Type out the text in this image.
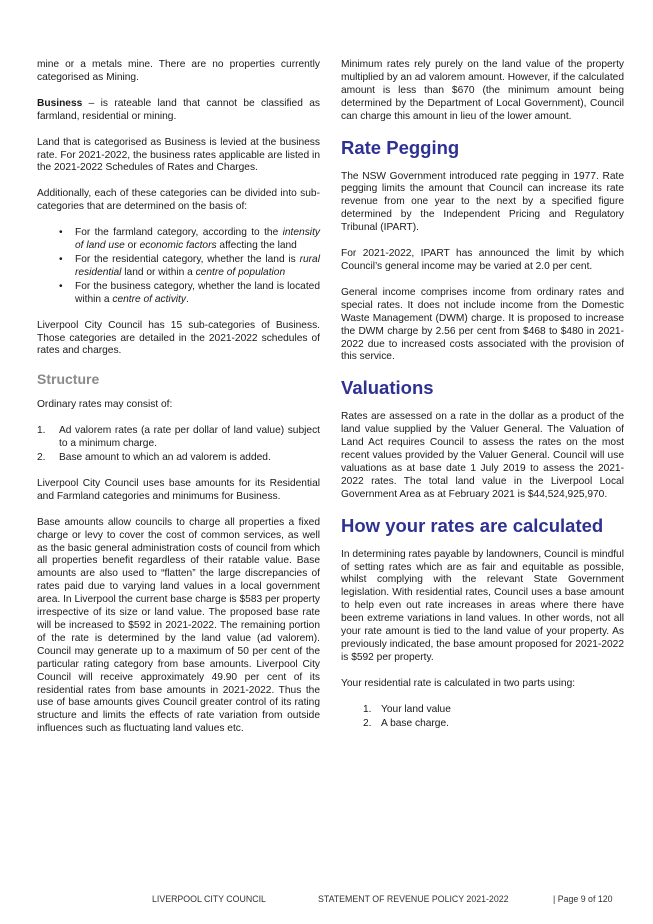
mine or a metals mine. There are no properties currently categorised as Mining.

Business – is rateable land that cannot be classified as farmland, residential or mining.

Land that is categorised as Business is levied at the business rate. For 2021-2022, the business rates applicable are listed in the 2021-2022 Schedules of Rates and Charges.

Additionally, each of these categories can be divided into sub-categories that are determined on the basis of:

• For the farmland category, according to the intensity of land use or economic factors affecting the land
• For the residential category, whether the land is rural residential land or within a centre of population
• For the business category, whether the land is located within a centre of activity.

Liverpool City Council has 15 sub-categories of Business. Those categories are detailed in the 2021-2022 schedules of rates and charges.

Structure

Ordinary rates may consist of:

1. Ad valorem rates (a rate per dollar of land value) subject to a minimum charge.
2. Base amount to which an ad valorem is added.

Liverpool City Council uses base amounts for its Residential and Farmland categories and minimums for Business.

Base amounts allow councils to charge all properties a fixed charge or levy to cover the cost of common services, as well as the basic general administration costs of council from which all properties benefit regardless of their ratable value. Base amounts are also used to “flatten” the large discrepancies of rates paid due to varying land values in a local government area. In Liverpool the current base charge is $583 per property irrespective of its size or land value. The proposed base rate will be increased to $592 in 2021-2022. The remaining portion of the rate is determined by the land value (ad valorem). Council may generate up to a maximum of 50 per cent of the particular rating category from base amounts. Liverpool City Council will receive approximately 49.90 per cent of its residential rates from base amounts in 2021-2022. Thus the use of base amounts gives Council greater control of its rating structure and limits the effects of rate variation from outside influences such as fluctuating land values etc.

Minimum rates rely purely on the land value of the property multiplied by an ad valorem amount. However, if the calculated amount is less than $670 (the minimum amount being determined by the Department of Local Government), Council can charge this amount in lieu of the lower amount.

Rate Pegging

The NSW Government introduced rate pegging in 1977. Rate pegging limits the amount that Council can increase its rate revenue from one year to the next by a specified figure determined by the Independent Pricing and Regulatory Tribunal (IPART).

For 2021-2022, IPART has announced the limit by which Council’s general income may be varied at 2.0 per cent.

General income comprises income from ordinary rates and special rates. It does not include income from the Domestic Waste Management (DWM) charge. It is proposed to increase the DWM charge by 2.56 per cent from $468 to $480 in 2021-2022 due to increased costs associated with the provision of this service.

Valuations

Rates are assessed on a rate in the dollar as a product of the land value supplied by the Valuer General. The Valuation of Land Act requires Council to assess the rates on the most recent values provided by the Valuer General. Council will use valuations as at base date 1 July 2019 to assess the 2021-2022 rates. The total land value in the Liverpool Local Government Area as at February 2021 is $44,524,925,970.

How your rates are calculated

In determining rates payable by landowners, Council is mindful of setting rates which are as fair and equitable as possible, whilst complying with the relevant State Government legislation. With residential rates, Council uses a base amount to help even out rate increases in areas where there have been extreme variations in land values. In other words, not all your rate amount is tied to the land value of your property. As previously indicated, the base amount proposed for 2021-2022 is $592 per property.

Your residential rate is calculated in two parts using:

1. Your land value
2. A base charge.
LIVERPOOL CITY COUNCIL	STATEMENT OF REVENUE POLICY 2021-2022	| Page 9 of 120
